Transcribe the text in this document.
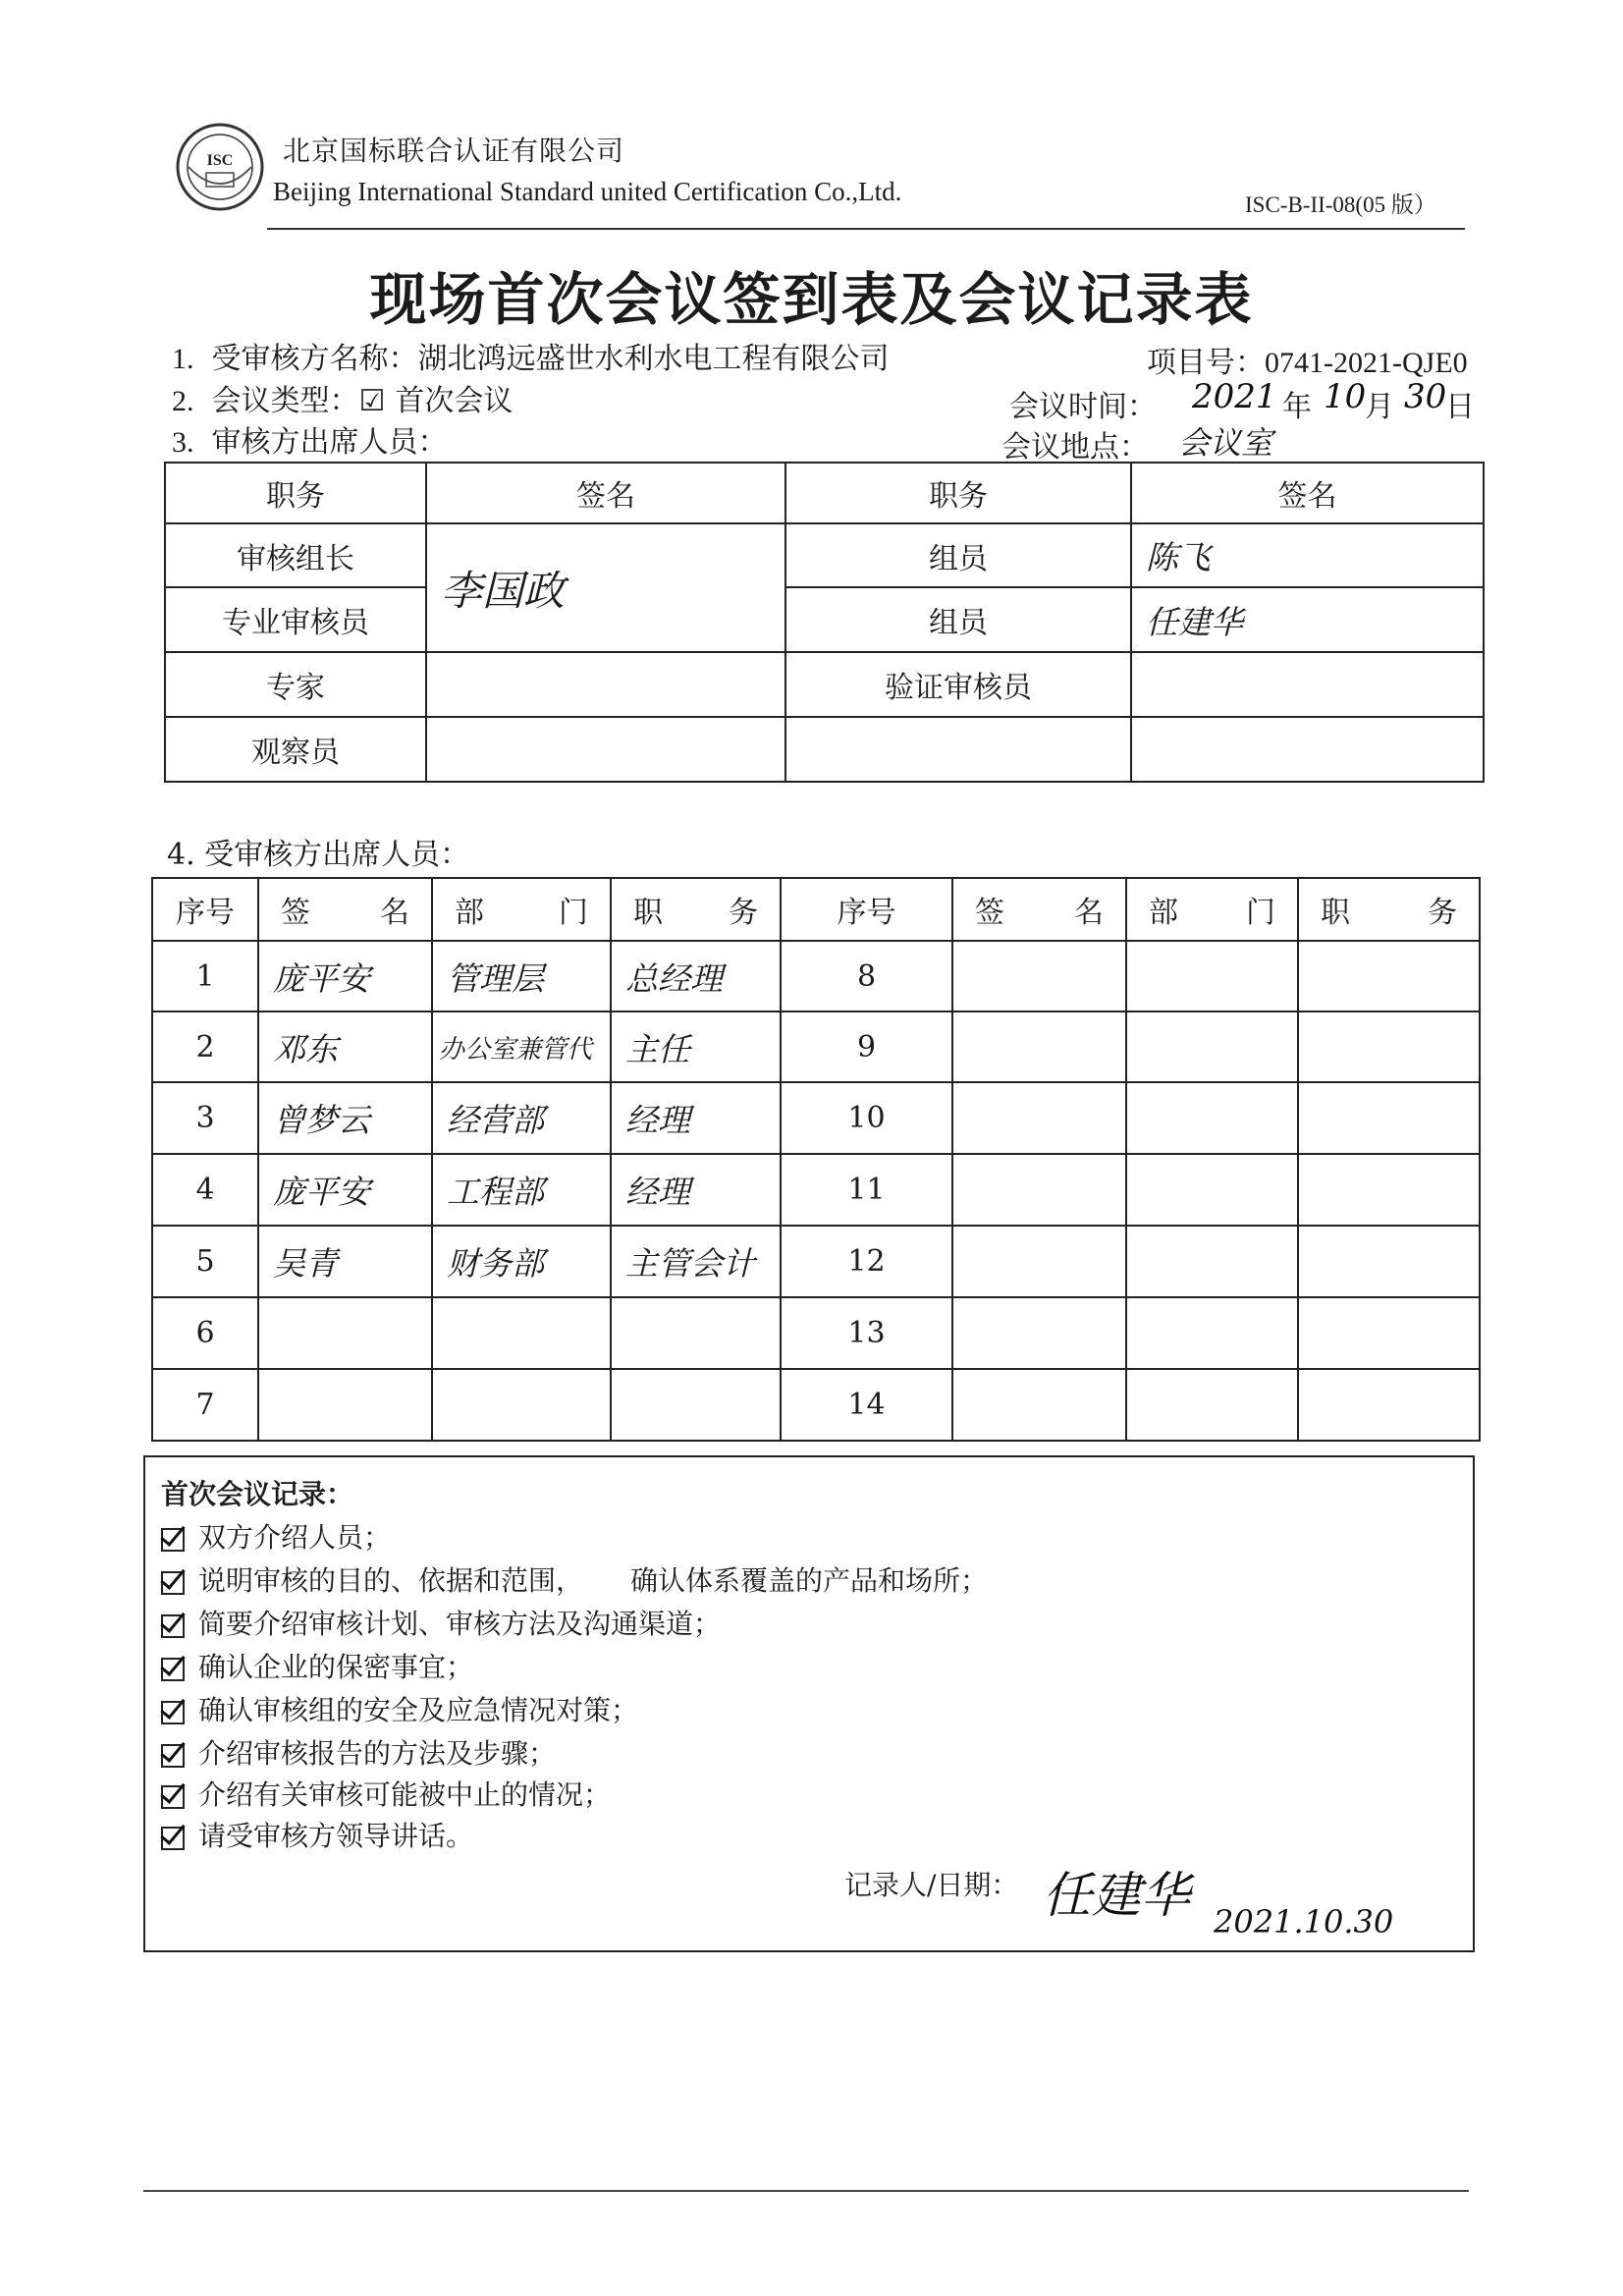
ISC 北京国标联合认证有限公司
Beijing International Standard united Certification Co.,Ltd.	ISC-B-II-08(05 版）
现场首次会议签到表及会议记录表
1. 受审核方名称：湖北鸿远盛世水利水电工程有限公司	项目号：0741-2021-QJE0
2. 会议类型：☑ 首次会议	会议时间： 2021 年 10
月 30
日
3. 审核方出席人员：	会议地点： 会议室
职务	签名	职务	签名
审核组长	李国政	组员	陈飞
专业审核员		组员	任建华
专家		验证审核员	
观察员			
4. 受审核方出席人员：
序号	签 名	部 门	职 务	序号	签 名	部 门	职 务

1	庞平安	管理层	总经理	8			
2	邓东	办公室兼管代	主任	9			
3	曾梦云	经营部	经理	10			
4	庞平安	工程部	经理	11			
5	吴青	财务部	主管会计	12			
6				13			
7				14			
首次会议记录：
双方介绍人员；
说明审核的目的、依据和范围， 确认体系覆盖的产品和场所；
简要介绍审核计划、审核方法及沟通渠道；
确认企业的保密事宜；
确认审核组的安全及应急情况对策；
介绍审核报告的方法及步骤；
介绍有关审核可能被中止的情况；
请受审核方领导讲话。
记录人/日期： 任建华 2021.10.30
